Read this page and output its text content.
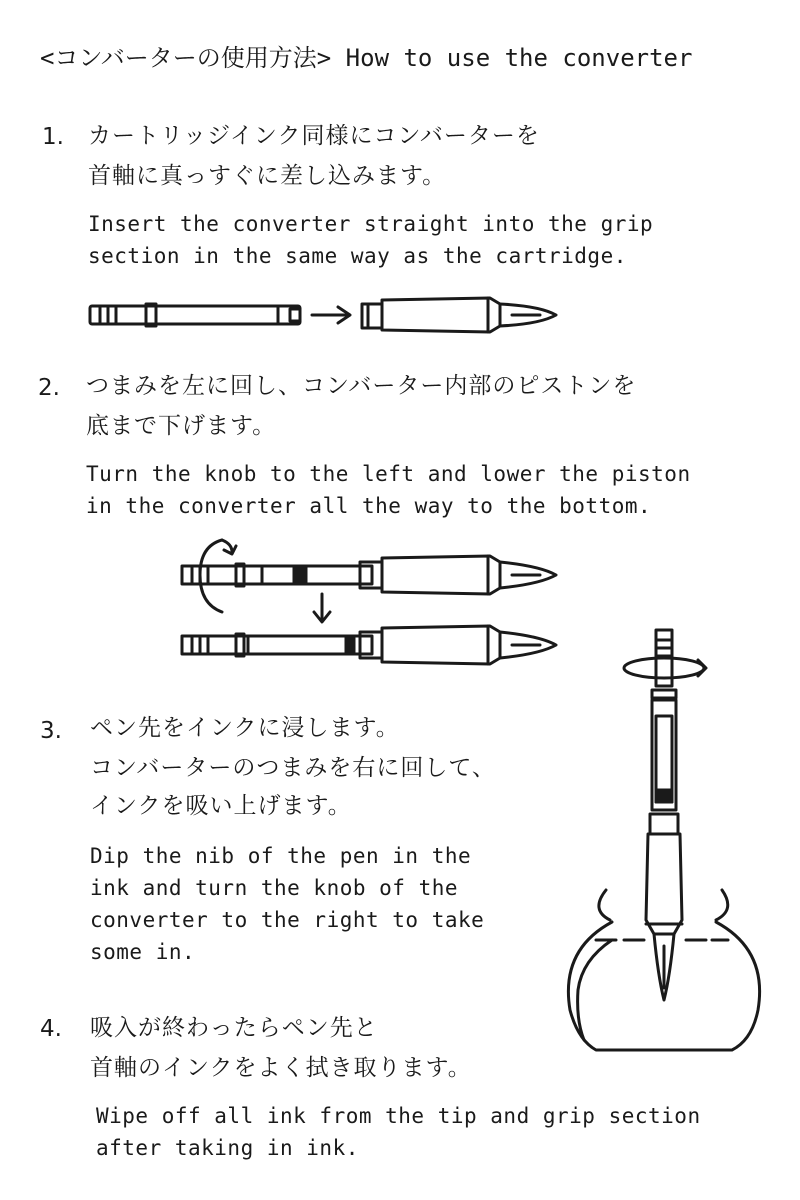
<コンバーターの使用方法> How to use the converter
1. カートリッジインク同様にコンバーターを
首軸に真っすぐに差し込みます。
Insert the converter straight into the grip
section in the same way as the cartridge.
2. つまみを左に回し、コンバーター内部のピストンを
底まで下げます。
Turn the knob to the left and lower the piston
in the converter all the way to the bottom.
3. ペン先をインクに浸します。
コンバーターのつまみを右に回して、
インクを吸い上げます。
Dip the nib of the pen in the
ink and turn the knob of the
converter to the right to take
some in.
4. 吸入が終わったらペン先と
首軸のインクをよく拭き取ります。
Wipe off all ink from the tip and grip section
after taking in ink.
